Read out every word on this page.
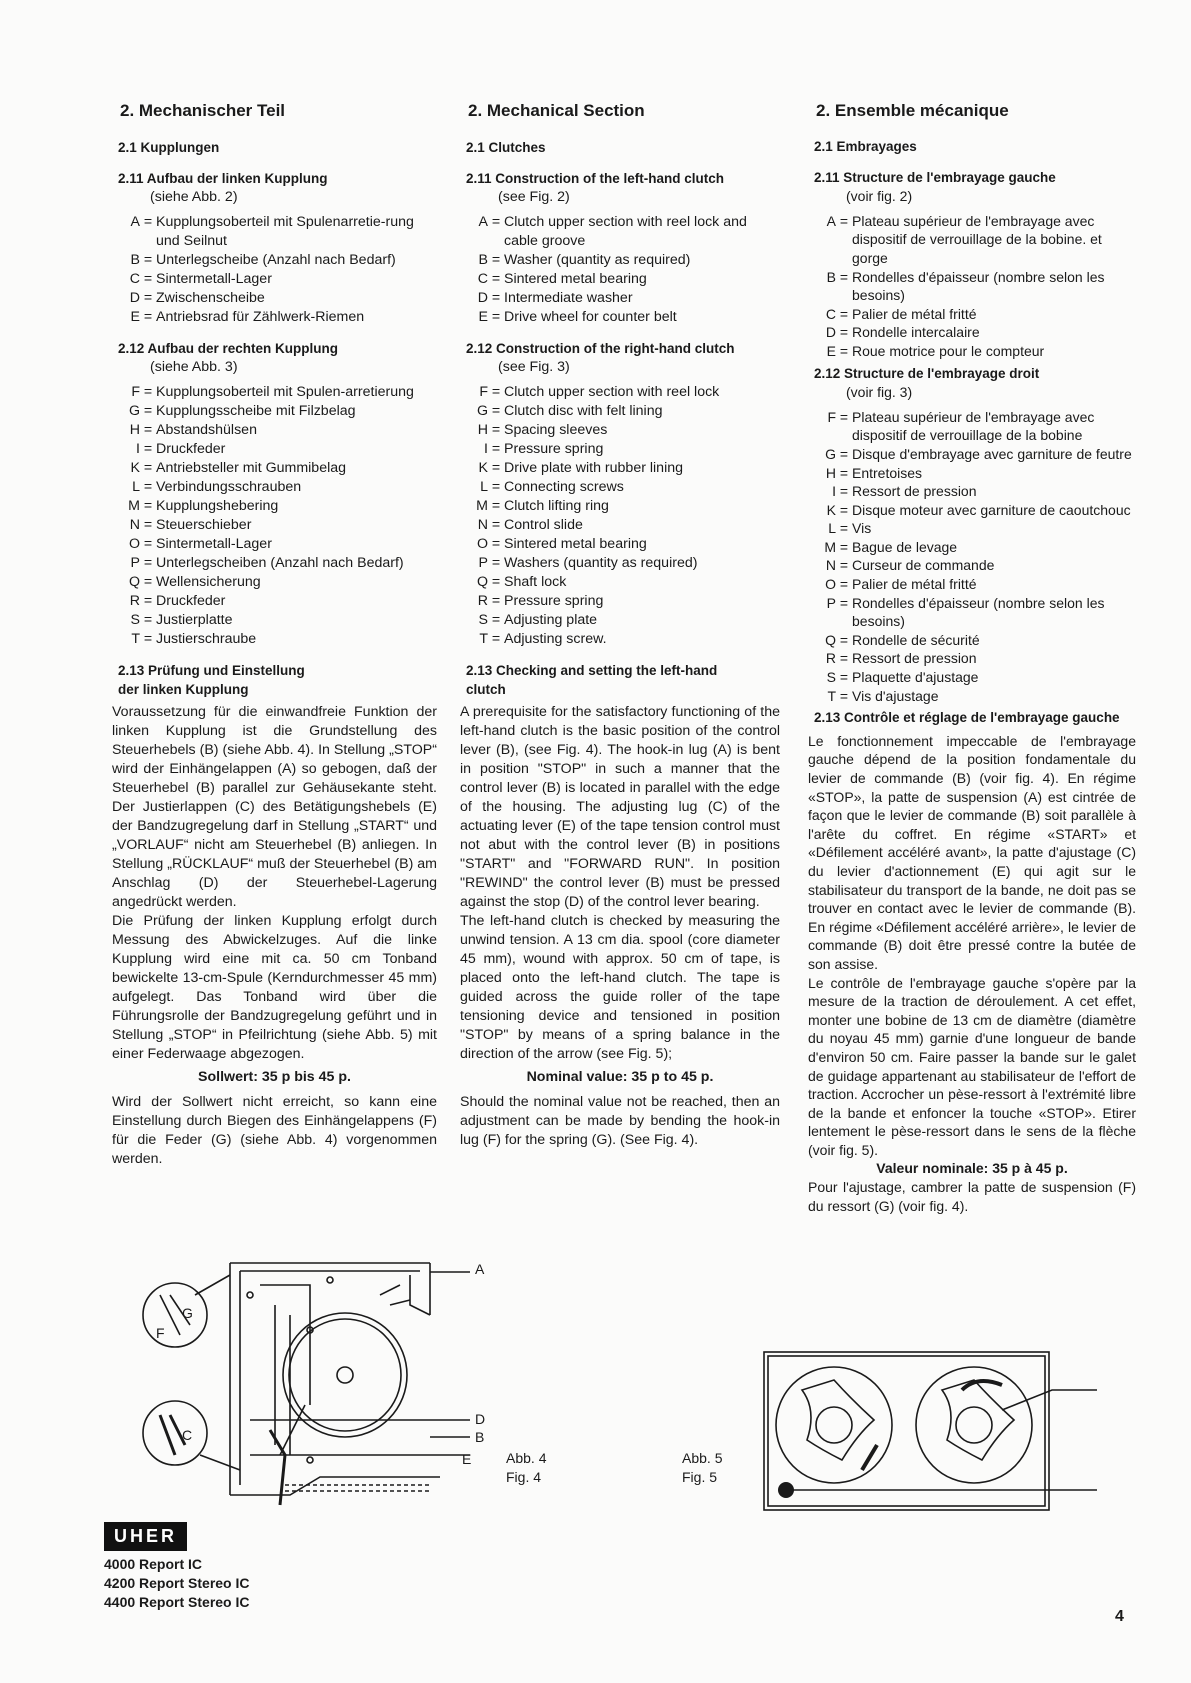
2. Mechanischer Teil
2.1 Kupplungen
2.11 Aufbau der linken Kupplung
(siehe Abb. 2)
A = Kupplungsoberteil mit Spulenarretie-rung und Seilnut
B = Unterlegscheibe (Anzahl nach Bedarf)
C = Sintermetall-Lager
D = Zwischenscheibe
E = Antriebsrad für Zählwerk-Riemen
2.12 Aufbau der rechten Kupplung
(siehe Abb. 3)
F = Kupplungsoberteil mit Spulen-arretierung
G = Kupplungsscheibe mit Filzbelag
H = Abstandshülsen
I = Druckfeder
K = Antriebsteller mit Gummibelag
L = Verbindungsschrauben
M = Kupplungshebering
N = Steuerschieber
O = Sintermetall-Lager
P = Unterlegscheiben (Anzahl nach Bedarf)
Q = Wellensicherung
R = Druckfeder
S = Justierplatte
T = Justierschraube
2.13 Prüfung und Einstellung der linken Kupplung

Voraussetzung für die einwandfreie Funktion der linken Kupplung ist die Grundstellung des Steuerhebels (B) (siehe Abb. 4). In Stellung „STOP“ wird der Einhängelappen (A) so gebogen, daß der Steuerhebel (B) parallel zur Gehäusekante steht. Der Justierlappen (C) des Betätigungshebels (E) der Bandzugregelung darf in Stellung „START“ und „VORLAUF“ nicht am Steuerhebel (B) anliegen. In Stellung „RÜCKLAUF“ muß der Steuerhebel (B) am Anschlag (D) der Steuerhebel-Lagerung angedrückt werden.

Die Prüfung der linken Kupplung erfolgt durch Messung des Abwickelzuges. Auf die linke Kupplung wird eine mit ca. 50 cm Tonband bewickelte 13-cm-Spule (Kerndurchmesser 45 mm) aufgelegt. Das Tonband wird über die Führungsrolle der Bandzugregelung geführt und in Stellung „STOP“ in Pfeilrichtung (siehe Abb. 5) mit einer Federwaage abgezogen.

Sollwert: 35 p bis 45 p.

Wird der Sollwert nicht erreicht, so kann eine Einstellung durch Biegen des Einhängelappens (F) für die Feder (G) (siehe Abb. 4) vorgenommen werden.

2. Mechanical Section
2.1 Clutches
2.11 Construction of the left-hand clutch
(see Fig. 2)
A = Clutch upper section with reel lock and cable groove
B = Washer (quantity as required)
C = Sintered metal bearing
D = Intermediate washer
E = Drive wheel for counter belt
2.12 Construction of the right-hand clutch
(see Fig. 3)
F = Clutch upper section with reel lock
G = Clutch disc with felt lining
H = Spacing sleeves
I = Pressure spring
K = Drive plate with rubber lining
L = Connecting screws
M = Clutch lifting ring
N = Control slide
O = Sintered metal bearing
P = Washers (quantity as required)
Q = Shaft lock
R = Pressure spring
S = Adjusting plate
T = Adjusting screw.
2.13 Checking and setting the left-hand clutch

A prerequisite for the satisfactory functioning of the left-hand clutch is the basic position of the control lever (B), (see Fig. 4). The hook-in lug (A) is bent in position "STOP" in such a manner that the control lever (B) is located in parallel with the edge of the housing. The adjusting lug (C) of the actuating lever (E) of the tape tension control must not abut with the control lever (B) in positions "START" and "FORWARD RUN". In position "REWIND" the control lever (B) must be pressed against the stop (D) of the control lever bearing.

The left-hand clutch is checked by measuring the unwind tension. A 13 cm dia. spool (core diameter 45 mm), wound with approx. 50 cm of tape, is placed onto the left-hand clutch. The tape is guided across the guide roller of the tape tensioning device and tensioned in position "STOP" by means of a spring balance in the direction of the arrow (see Fig. 5);

Nominal value: 35 p to 45 p.

Should the nominal value not be reached, then an adjustment can be made by bending the hook-in lug (F) for the spring (G). (See Fig. 4).

2. Ensemble mécanique
2.1 Embrayages
2.11 Structure de l'embrayage gauche
(voir fig. 2)
A = Plateau supérieur de l'embrayage avec dispositif de verrouillage de la bobine. et gorge
B = Rondelles d'épaisseur (nombre selon les besoins)
C = Palier de métal fritté
D = Rondelle intercalaire
E = Roue motrice pour le compteur
2.12 Structure de l'embrayage droit
(voir fig. 3)
F = Plateau supérieur de l'embrayage avec dispositif de verrouillage de la bobine
G = Disque d'embrayage avec garniture de feutre
H = Entretoises
I = Ressort de pression
K = Disque moteur avec garniture de caoutchouc
L = Vis
M = Bague de levage
N = Curseur de commande
O = Palier de métal fritté
P = Rondelles d'épaisseur (nombre selon les besoins)
Q = Rondelle de sécurité
R = Ressort de pression
S = Plaquette d'ajustage
T = Vis d'ajustage
2.13 Contrôle et réglage de l'embrayage gauche

Le fonctionnement impeccable de l'embrayage gauche dépend de la position fondamentale du levier de commande (B) (voir fig. 4). En régime «STOP», la patte de suspension (A) est cintrée de façon que le levier de commande (B) soit parallèle à l'arête du coffret. En régime «START» et «Défilement accéléré avant», la patte d'ajustage (C) du levier d'actionnement (E) qui agit sur le stabilisateur du transport de la bande, ne doit pas se trouver en contact avec le levier de commande (B). En régime «Défilement accéléré arrière», le levier de commande (B) doit être pressé contre la butée de son assise.

Le contrôle de l'embrayage gauche s'opère par la mesure de la traction de déroulement. A cet effet, monter une bobine de 13 cm de diamètre (diamètre du noyau 45 mm) garnie d'une longueur de bande d'environ 50 cm. Faire passer la bande sur le galet de guidage appartenant au stabilisateur de l'effort de traction. Accrocher un pèse-ressort à l'extrémité libre de la bande et enfoncer la touche «STOP». Etirer lentement le pèse-ressort dans le sens de la flèche (voir fig. 5).

Valeur nominale: 35 p à 45 p.

Pour l'ajustage, cambrer la patte de suspension (F) du ressort (G) (voir fig. 4).

A
D
B
E
G
F
C
Abb. 4
Fig. 4
Abb. 5
Fig. 5
UHER
4000 Report IC
4200 Report Stereo IC
4400 Report Stereo IC
4
